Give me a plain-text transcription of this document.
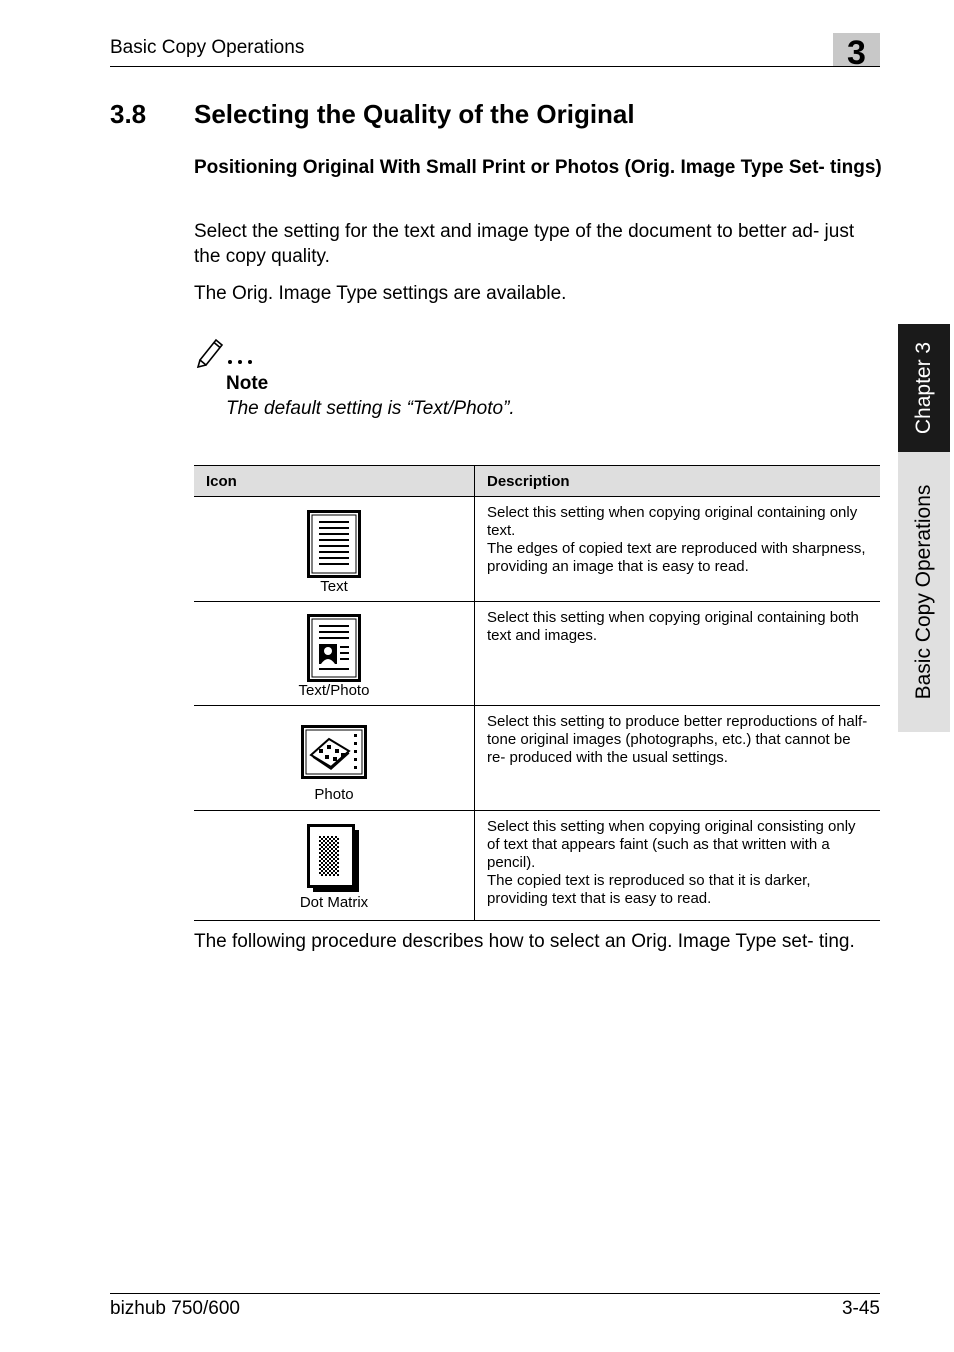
Basic Copy Operations	3
Chapter 3
Basic Copy Operations
3.8 Selecting the Quality of the Original
Positioning Original With Small Print or Photos (Orig. Image Type Set- tings)
Select the setting for the text and image type of the document to better ad- just the copy quality.
The Orig. Image Type settings are available.
Note
The default setting is “Text/Photo”.
Icon	Description

Text	Select this setting when copying original containing only text.

The edges of copied text are reproduced with sharpness, providing an image that is easy to read.

Text/Photo	Select this setting when copying original containing both text and images.

Photo	Select this setting to produce better reproductions of half- tone original images (photographs, etc.) that cannot be re- produced with the usual settings.

Dot Matrix	Select this setting when copying original consisting only of text that appears faint (such as that written with a pencil).

The copied text is reproduced so that it is darker, providing text that is easy to read.

The following procedure describes how to select an Orig. Image Type set- ting.
bizhub 750/600	3-45
